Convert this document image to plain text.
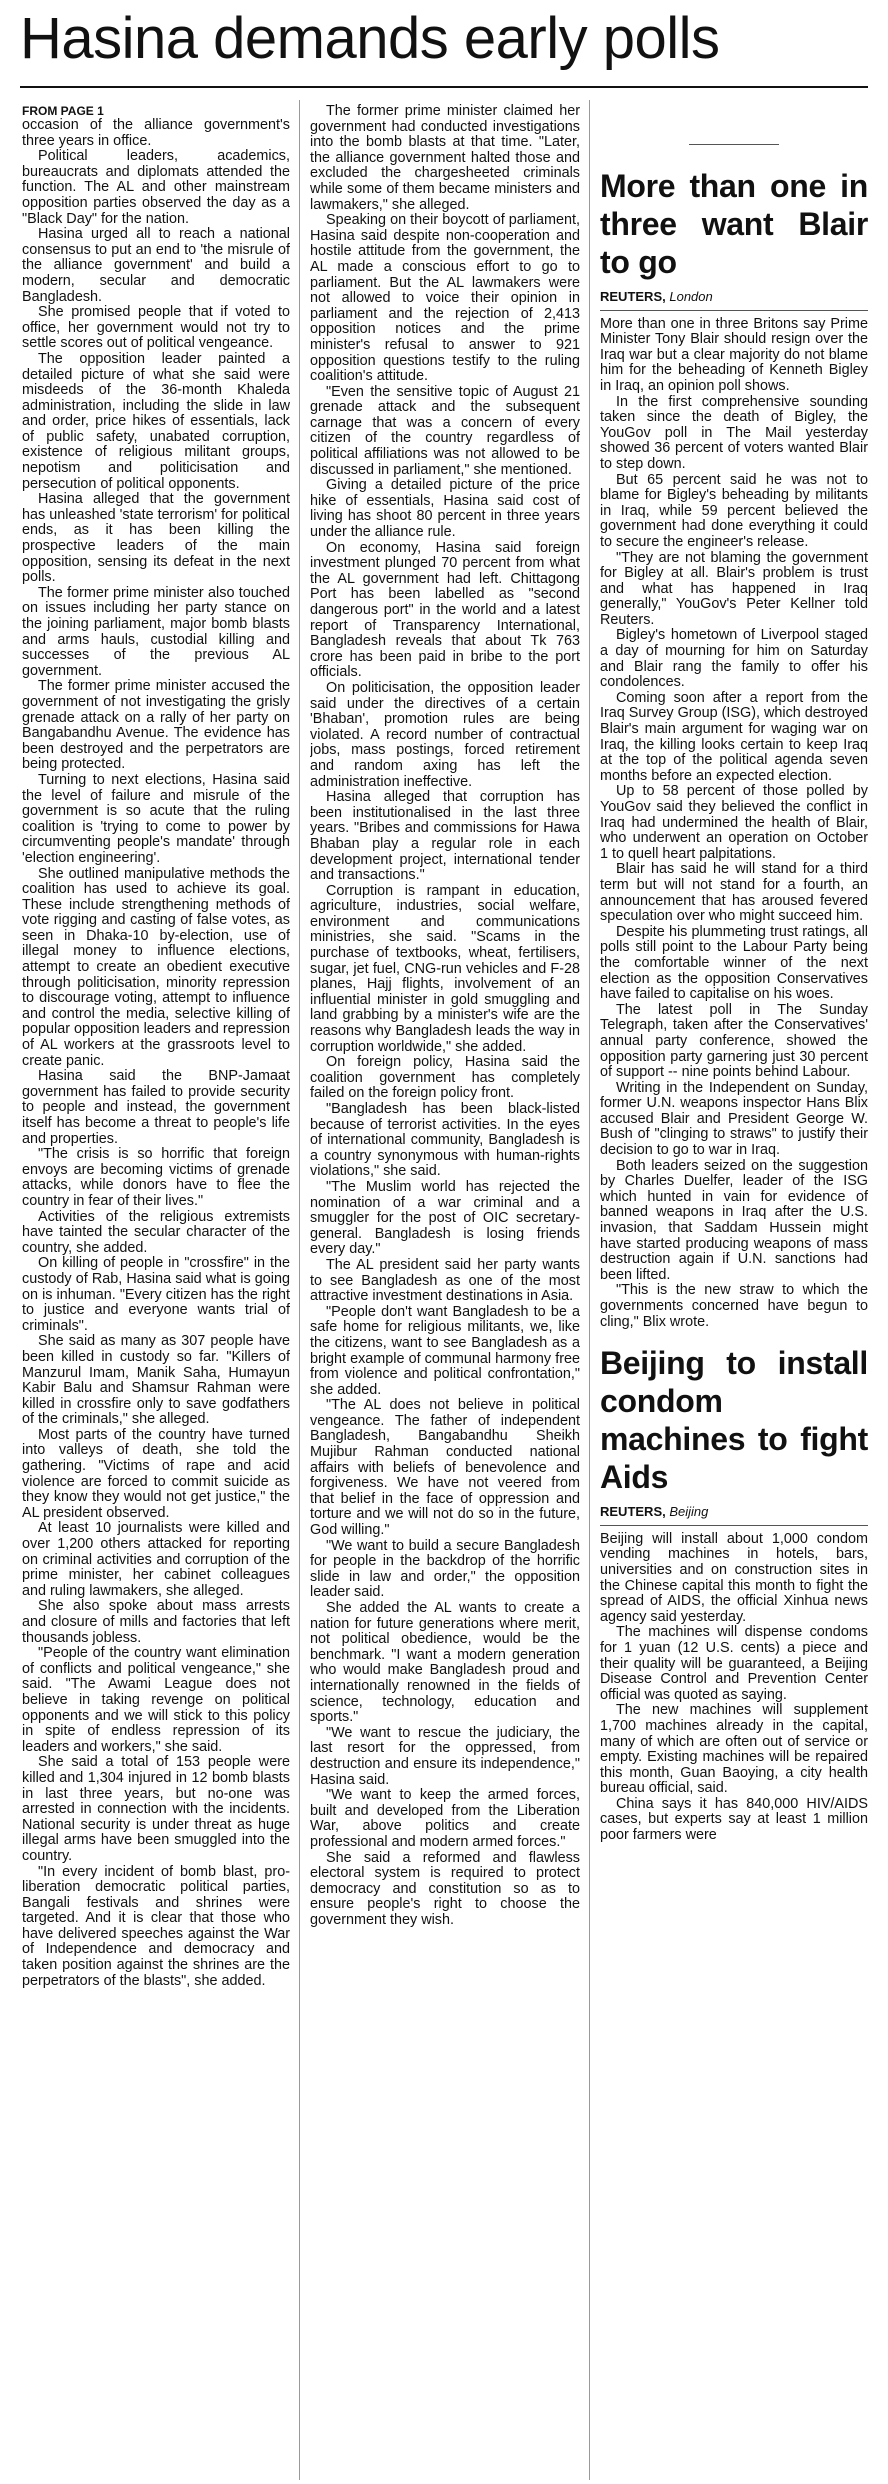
Hasina demands early polls
FROM PAGE 1

occasion of the alliance government's three years in office.

Political leaders, academics, bureaucrats and diplomats attended the function. The AL and other mainstream opposition parties observed the day as a "Black Day" for the nation.

Hasina urged all to reach a national consensus to put an end to 'the misrule of the alliance government' and build a modern, secular and democratic Bangladesh.

She promised people that if voted to office, her government would not try to settle scores out of political vengeance.

The opposition leader painted a detailed picture of what she said were misdeeds of the 36-month Khaleda administration, including the slide in law and order, price hikes of essentials, lack of public safety, unabated corruption, existence of religious militant groups, nepotism and politicisation and persecution of political opponents.

Hasina alleged that the government has unleashed 'state terrorism' for political ends, as it has been killing the prospective leaders of the main opposition, sensing its defeat in the next polls.

The former prime minister also touched on issues including her party stance on the joining parliament, major bomb blasts and arms hauls, custodial killing and successes of the previous AL government.

The former prime minister accused the government of not investigating the grisly grenade attack on a rally of her party on Bangabandhu Avenue. The evidence has been destroyed and the perpetrators are being protected.

Turning to next elections, Hasina said the level of failure and misrule of the government is so acute that the ruling coalition is 'trying to come to power by circumventing people's mandate' through 'election engineering'.

She outlined manipulative methods the coalition has used to achieve its goal. These include strengthening methods of vote rigging and casting of false votes, as seen in Dhaka-10 by-election, use of illegal money to influence elections, attempt to create an obedient executive through politicisation, minority repression to discourage voting, attempt to influence and control the media, selective killing of popular opposition leaders and repression of AL workers at the grassroots level to create panic.

Hasina said the BNP-Jamaat government has failed to provide security to people and instead, the government itself has become a threat to people's life and properties.

"The crisis is so horrific that foreign envoys are becoming victims of grenade attacks, while donors have to flee the country in fear of their lives."

Activities of the religious extremists have tainted the secular character of the country, she added.

On killing of people in "crossfire" in the custody of Rab, Hasina said what is going on is inhuman. "Every citizen has the right to justice and everyone wants trial of criminals".

She said as many as 307 people have been killed in custody so far. "Killers of Manzurul Imam, Manik Saha, Humayun Kabir Balu and Shamsur Rahman were killed in crossfire only to save godfathers of the criminals," she alleged.

Most parts of the country have turned into valleys of death, she told the gathering. "Victims of rape and acid violence are forced to commit suicide as they know they would not get justice," the AL president observed.

At least 10 journalists were killed and over 1,200 others attacked for reporting on criminal activities and corruption of the prime minister, her cabinet colleagues and ruling lawmakers, she alleged.

She also spoke about mass arrests and closure of mills and factories that left thousands jobless.

"People of the country want elimination of conflicts and political vengeance," she said. "The Awami League does not believe in taking revenge on political opponents and we will stick to this policy in spite of endless repression of its leaders and workers," she said.

She said a total of 153 people were killed and 1,304 injured in 12 bomb blasts in last three years, but no-one was arrested in connection with the incidents. National security is under threat as huge illegal arms have been smuggled into the country.

"In every incident of bomb blast, pro-liberation democratic political parties, Bangali festivals and shrines were targeted. And it is clear that those who have delivered speeches against the War of Independence and democracy and taken position against the shrines are the perpetrators of the blasts", she added.

The former prime minister claimed her government had conducted investigations into the bomb blasts at that time. "Later, the alliance government halted those and excluded the chargesheeted criminals while some of them became ministers and lawmakers," she alleged.

Speaking on their boycott of parliament, Hasina said despite non-cooperation and hostile attitude from the government, the AL made a conscious effort to go to parliament. But the AL lawmakers were not allowed to voice their opinion in parliament and the rejection of 2,413 opposition notices and the prime minister's refusal to answer to 921 opposition questions testify to the ruling coalition's attitude.

"Even the sensitive topic of August 21 grenade attack and the subsequent carnage that was a concern of every citizen of the country regardless of political affiliations was not allowed to be discussed in parliament," she mentioned.

Giving a detailed picture of the price hike of essentials, Hasina said cost of living has shoot 80 percent in three years under the alliance rule.

On economy, Hasina said foreign investment plunged 70 percent from what the AL government had left. Chittagong Port has been labelled as "second dangerous port" in the world and a latest report of Transparency International, Bangladesh reveals that about Tk 763 crore has been paid in bribe to the port officials.

On politicisation, the opposition leader said under the directives of a certain 'Bhaban', promotion rules are being violated. A record number of contractual jobs, mass postings, forced retirement and random axing has left the administration ineffective.

Hasina alleged that corruption has been institutionalised in the last three years. "Bribes and commissions for Hawa Bhaban play a regular role in each development project, international tender and transactions."

Corruption is rampant in education, agriculture, industries, social welfare, environment and communications ministries, she said. "Scams in the purchase of textbooks, wheat, fertilisers, sugar, jet fuel, CNG-run vehicles and F-28 planes, Hajj flights, involvement of an influential minister in gold smuggling and land grabbing by a minister's wife are the reasons why Bangladesh leads the way in corruption worldwide," she added.

On foreign policy, Hasina said the coalition government has completely failed on the foreign policy front.

"Bangladesh has been black-listed because of terrorist activities. In the eyes of international community, Bangladesh is a country synonymous with human-rights violations," she said.

"The Muslim world has rejected the nomination of a war criminal and a smuggler for the post of OIC secretary-general. Bangladesh is losing friends every day."

The AL president said her party wants to see Bangladesh as one of the most attractive investment destinations in Asia.

"People don't want Bangladesh to be a safe home for religious militants, we, like the citizens, want to see Bangladesh as a bright example of communal harmony free from violence and political confrontation," she added.

"The AL does not believe in political vengeance. The father of independent Bangladesh, Bangabandhu Sheikh Mujibur Rahman conducted national affairs with beliefs of benevolence and forgiveness. We have not veered from that belief in the face of oppression and torture and we will not do so in the future, God willing."

"We want to build a secure Bangladesh for people in the backdrop of the horrific slide in law and order," the opposition leader said.

She added the AL wants to create a nation for future generations where merit, not political obedience, would be the benchmark. "I want a modern generation who would make Bangladesh proud and internationally renowned in the fields of science, technology, education and sports."

"We want to rescue the judiciary, the last resort for the oppressed, from destruction and ensure its independence," Hasina said.

"We want to keep the armed forces, built and developed from the Liberation War, above politics and create professional and modern armed forces."

She said a reformed and flawless electoral system is required to protect democracy and constitution so as to ensure people's right to choose the government they wish.

More than one in three want Blair to go
REUTERS, London

More than one in three Britons say Prime Minister Tony Blair should resign over the Iraq war but a clear majority do not blame him for the beheading of Kenneth Bigley in Iraq, an opinion poll shows.

In the first comprehensive sounding taken since the death of Bigley, the YouGov poll in The Mail yesterday showed 36 percent of voters wanted Blair to step down.

But 65 percent said he was not to blame for Bigley's beheading by militants in Iraq, while 59 percent believed the government had done everything it could to secure the engineer's release.

"They are not blaming the government for Bigley at all. Blair's problem is trust and what has happened in Iraq generally," YouGov's Peter Kellner told Reuters.

Bigley's hometown of Liverpool staged a day of mourning for him on Saturday and Blair rang the family to offer his condolences.

Coming soon after a report from the Iraq Survey Group (ISG), which destroyed Blair's main argument for waging war on Iraq, the killing looks certain to keep Iraq at the top of the political agenda seven months before an expected election.

Up to 58 percent of those polled by YouGov said they believed the conflict in Iraq had undermined the health of Blair, who underwent an operation on October 1 to quell heart palpitations.

Blair has said he will stand for a third term but will not stand for a fourth, an announcement that has aroused fevered speculation over who might succeed him.

Despite his plummeting trust ratings, all polls still point to the Labour Party being the comfortable winner of the next election as the opposition Conservatives have failed to capitalise on his woes.

The latest poll in The Sunday Telegraph, taken after the Conservatives' annual party conference, showed the opposition party garnering just 30 percent of support -- nine points behind Labour.

Writing in the Independent on Sunday, former U.N. weapons inspector Hans Blix accused Blair and President George W. Bush of "clinging to straws" to justify their decision to go to war in Iraq.

Both leaders seized on the suggestion by Charles Duelfer, leader of the ISG which hunted in vain for evidence of banned weapons in Iraq after the U.S. invasion, that Saddam Hussein might have started producing weapons of mass destruction again if U.N. sanctions had been lifted.

"This is the new straw to which the governments concerned have begun to cling," Blix wrote.

Beijing to install condom machines to fight Aids
REUTERS, Beijing

Beijing will install about 1,000 condom vending machines in hotels, bars, universities and on construction sites in the Chinese capital this month to fight the spread of AIDS, the official Xinhua news agency said yesterday.

The machines will dispense condoms for 1 yuan (12 U.S. cents) a piece and their quality will be guaranteed, a Beijing Disease Control and Prevention Center official was quoted as saying.

The new machines will supplement 1,700 machines already in the capital, many of which are often out of service or empty. Existing machines will be repaired this month, Guan Baoying, a city health bureau official, said.

China says it has 840,000 HIV/AIDS cases, but experts say at least 1 million poor farmers were
